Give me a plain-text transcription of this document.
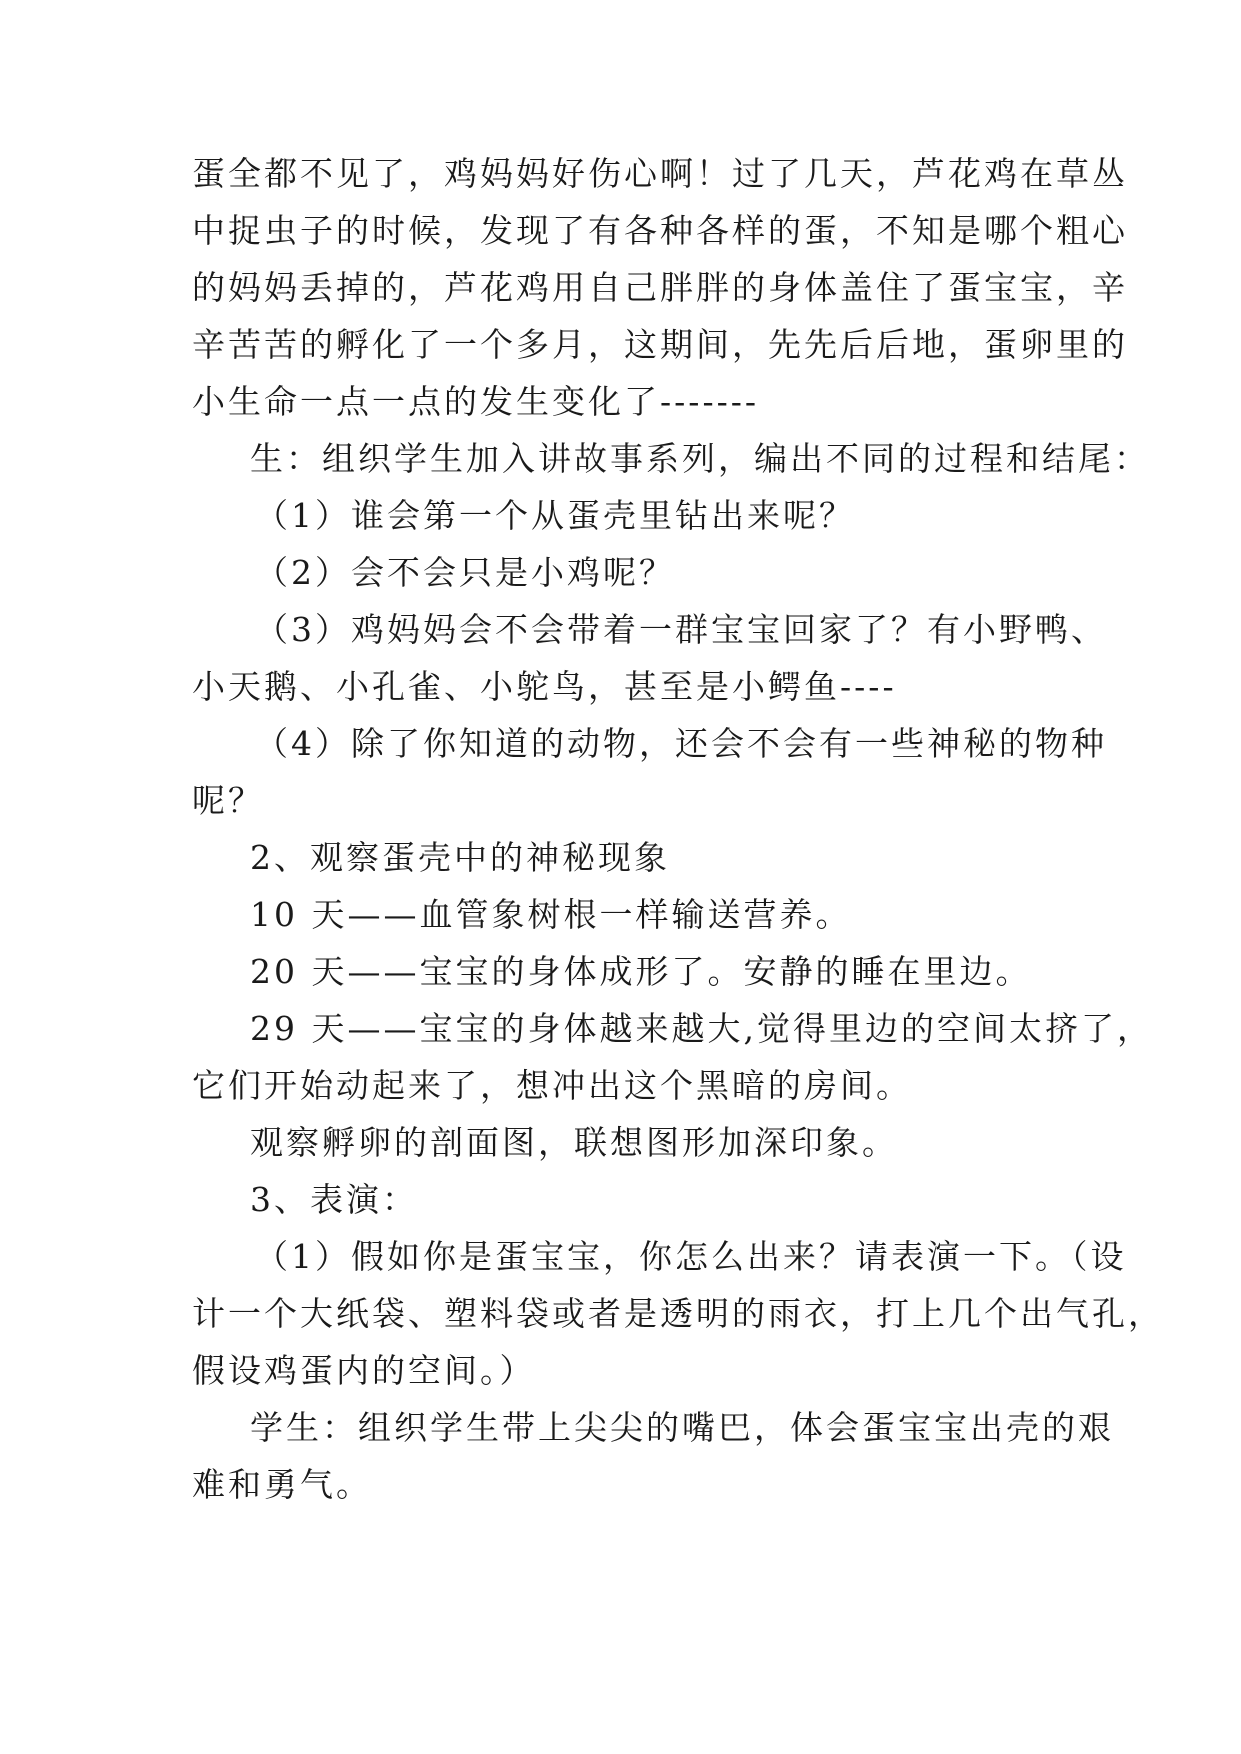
蛋全都不见了，鸡妈妈好伤心啊！过了几天，芦花鸡在草丛

中捉虫子的时候，发现了有各种各样的蛋，不知是哪个粗心

的妈妈丢掉的，芦花鸡用自己胖胖的身体盖住了蛋宝宝，辛

辛苦苦的孵化了一个多月，这期间，先先后后地，蛋卵里的

小生命一点一点的发生变化了-------

生：组织学生加入讲故事系列，编出不同的过程和结尾：

（1）谁会第一个从蛋壳里钻出来呢？

（2）会不会只是小鸡呢？

（3）鸡妈妈会不会带着一群宝宝回家了？有小野鸭、

小天鹅、小孔雀、小鸵鸟，甚至是小鳄鱼----

（4）除了你知道的动物，还会不会有一些神秘的物种

呢？

2、观察蛋壳中的神秘现象

10 天——血管象树根一样输送营养。

20 天——宝宝的身体成形了。安静的睡在里边。

29 天——宝宝的身体越来越大,觉得里边的空间太挤了，

它们开始动起来了，想冲出这个黑暗的房间。

观察孵卵的剖面图，联想图形加深印象。

3、表演：

（1）假如你是蛋宝宝，你怎么出来？请表演一下。（设

计一个大纸袋、塑料袋或者是透明的雨衣，打上几个出气孔，

假设鸡蛋内的空间。）

学生：组织学生带上尖尖的嘴巴，体会蛋宝宝出壳的艰

难和勇气。
